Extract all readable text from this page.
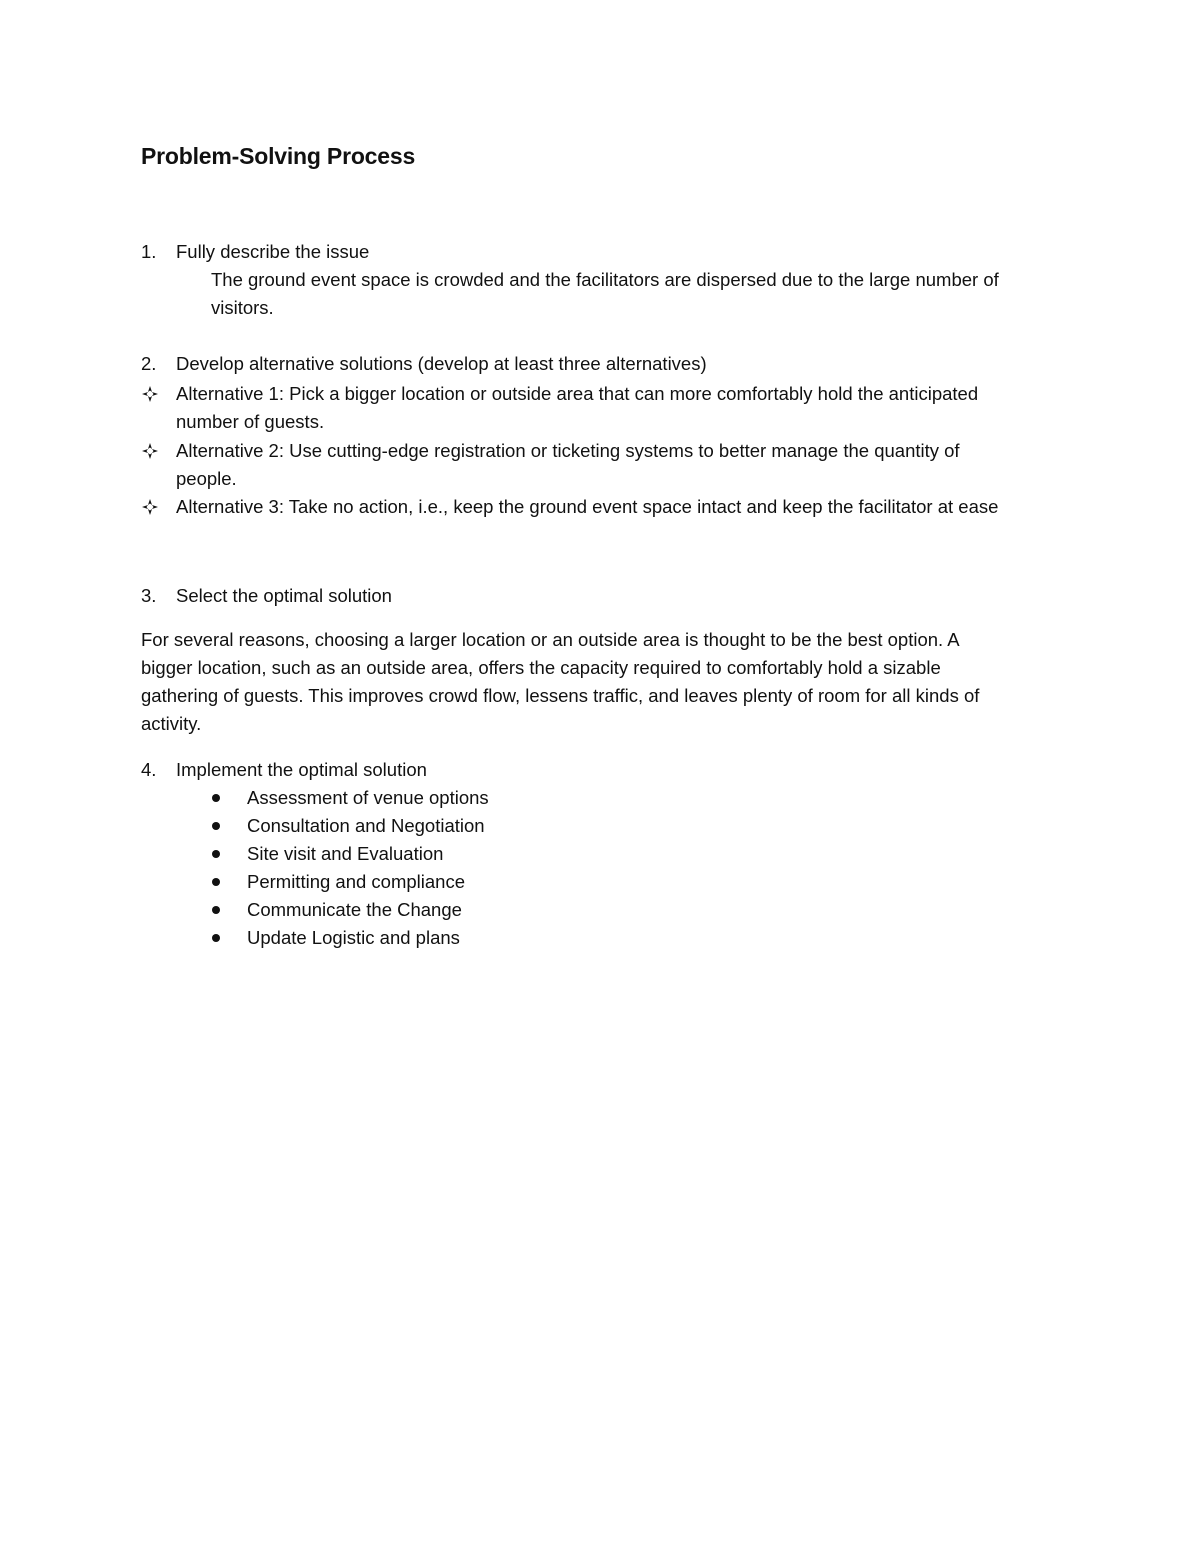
Problem-Solving Process
1. Fully describe the issue

The ground event space is crowded and the facilitators are dispersed due to the large number of

visitors.

2. Develop alternative solutions (develop at least three alternatives)

Alternative 1: Pick a bigger location or outside area that can more comfortably hold the anticipated

number of guests.

Alternative 2: Use cutting-edge registration or ticketing systems to better manage the quantity of

people.

Alternative 3: Take no action, i.e., keep the ground event space intact and keep the facilitator at ease

3. Select the optimal solution

For several reasons, choosing a larger location or an outside area is thought to be the best option. A

bigger location, such as an outside area, offers the capacity required to comfortably hold a sizable

gathering of guests. This improves crowd flow, lessens traffic, and leaves plenty of room for all kinds of

activity.

4. Implement the optimal solution

Assessment of venue options

Consultation and Negotiation

Site visit and Evaluation

Permitting and compliance

Communicate the Change

Update Logistic and plans
